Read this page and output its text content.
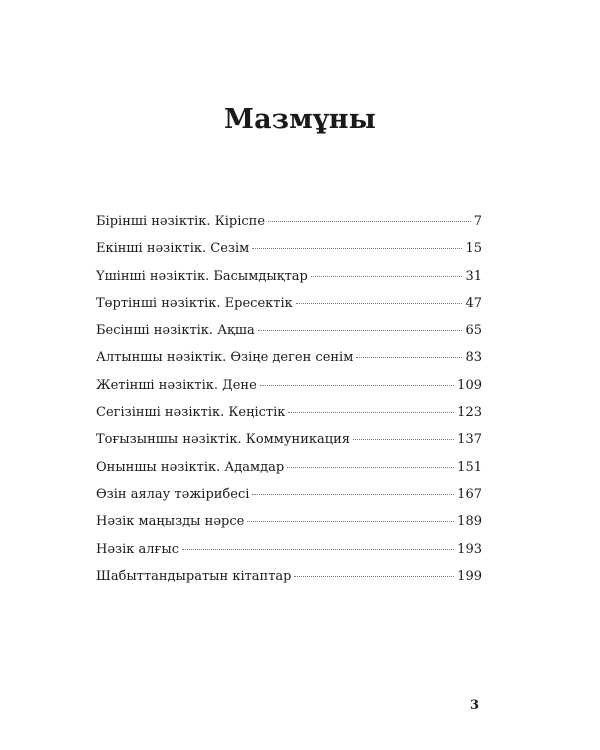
Мазмұны
Бірінші нәзіктік. Кіріспе	7
Екінші нәзіктік. Сезім	15
Үшінші нәзіктік. Басымдықтар	31
Төртінші нәзіктік. Ересектік	47
Бесінші нәзіктік. Ақша	65
Алтыншы нәзіктік. Өзіңе деген сенім	83
Жетінші нәзіктік. Дене	109
Сегізінші нәзіктік. Кеңістік	123
Тоғызыншы нәзіктік. Коммуникация	137
Оныншы нәзіктік. Адамдар	151
Өзін аялау тәжірибесі	167
Нәзік маңызды нәрсе	189
Нәзік алғыс	193
Шабыттандыратын кітаптар	199
3
